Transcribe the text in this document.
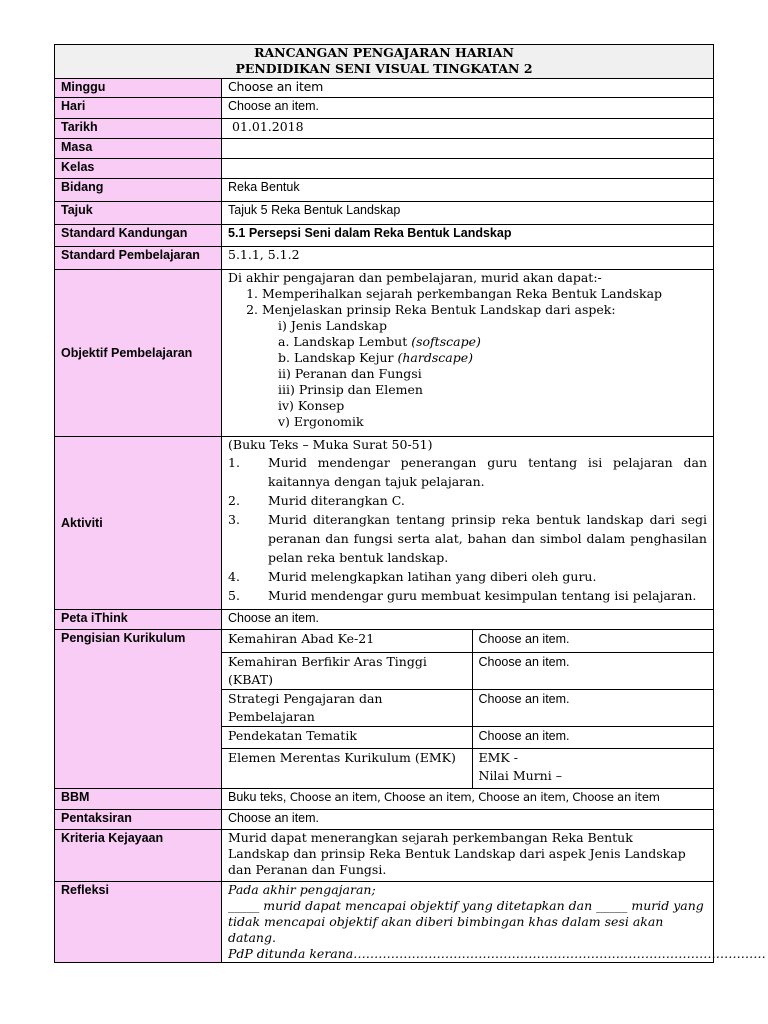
RANCANGAN PENGAJARAN HARIAN
PENDIDIKAN SENI VISUAL TINGKATAN 2

Minggu	Choose an item
Hari	Choose an item.
Tarikh	01.01.2018
Masa	
Kelas	
Bidang	Reka Bentuk
Tajuk	Tajuk 5 Reka Bentuk Landskap
Standard Kandungan	5.1 Persepsi Seni dalam Reka Bentuk Landskap
Standard Pembelajaran	5.1.1, 5.1.2
Objektif Pembelajaran	
Di akhir pengajaran dan pembelajaran, murid akan dapat:-
1. Memperihalkan sejarah perkembangan Reka Bentuk Landskap
2. Menjelaskan prinsip Reka Bentuk Landskap dari aspek:
i) Jenis Landskap
a. Landskap Lembut (softscape)
b. Landskap Kejur (hardscape)
ii) Peranan dan Fungsi
iii) Prinsip dan Elemen
iv) Konsep
v) Ergonomik

Aktiviti	
(Buku Teks – Muka Surat 50-51)
1.	Murid mendengar penerangan guru tentang isi pelajaran dan kaitannya dengan tajuk pelajaran.
2.	Murid diterangkan C.
3.	Murid diterangkan tentang prinsip reka bentuk landskap dari segi peranan dan fungsi serta alat, bahan dan simbol dalam penghasilan pelan reka bentuk landskap.
4.	Murid melengkapkan latihan yang diberi oleh guru.
5.	Murid mendengar guru membuat kesimpulan tentang isi pelajaran.

Peta iThink	Choose an item.
Pengisian Kurikulum		Kemahiran Abad Ke-21	Choose an item.
Kemahiran Berfikir Aras Tinggi (KBAT)	Choose an item.
Strategi Pengajaran dan Pembelajaran	Choose an item.
Pendekatan Tematik	Choose an item.
Elemen Merentas Kurikulum (EMK)	EMK -
Nilai Murni –

BBM	Buku teks, Choose an item, Choose an item, Choose an item, Choose an item
Pentaksiran	Choose an item.
Kriteria Kejayaan	Murid dapat menerangkan sejarah perkembangan Reka Bentuk Landskap dan prinsip Reka Bentuk Landskap dari aspek Jenis Landskap dan Peranan dan Fungsi.
Refleksi	Pada akhir pengajaran;
_____ murid dapat mencapai objektif yang ditetapkan dan _____ murid yang tidak mencapai objektif akan diberi bimbingan khas dalam sesi akan datang.
PdP ditunda kerana………………………………………………………………………………………
